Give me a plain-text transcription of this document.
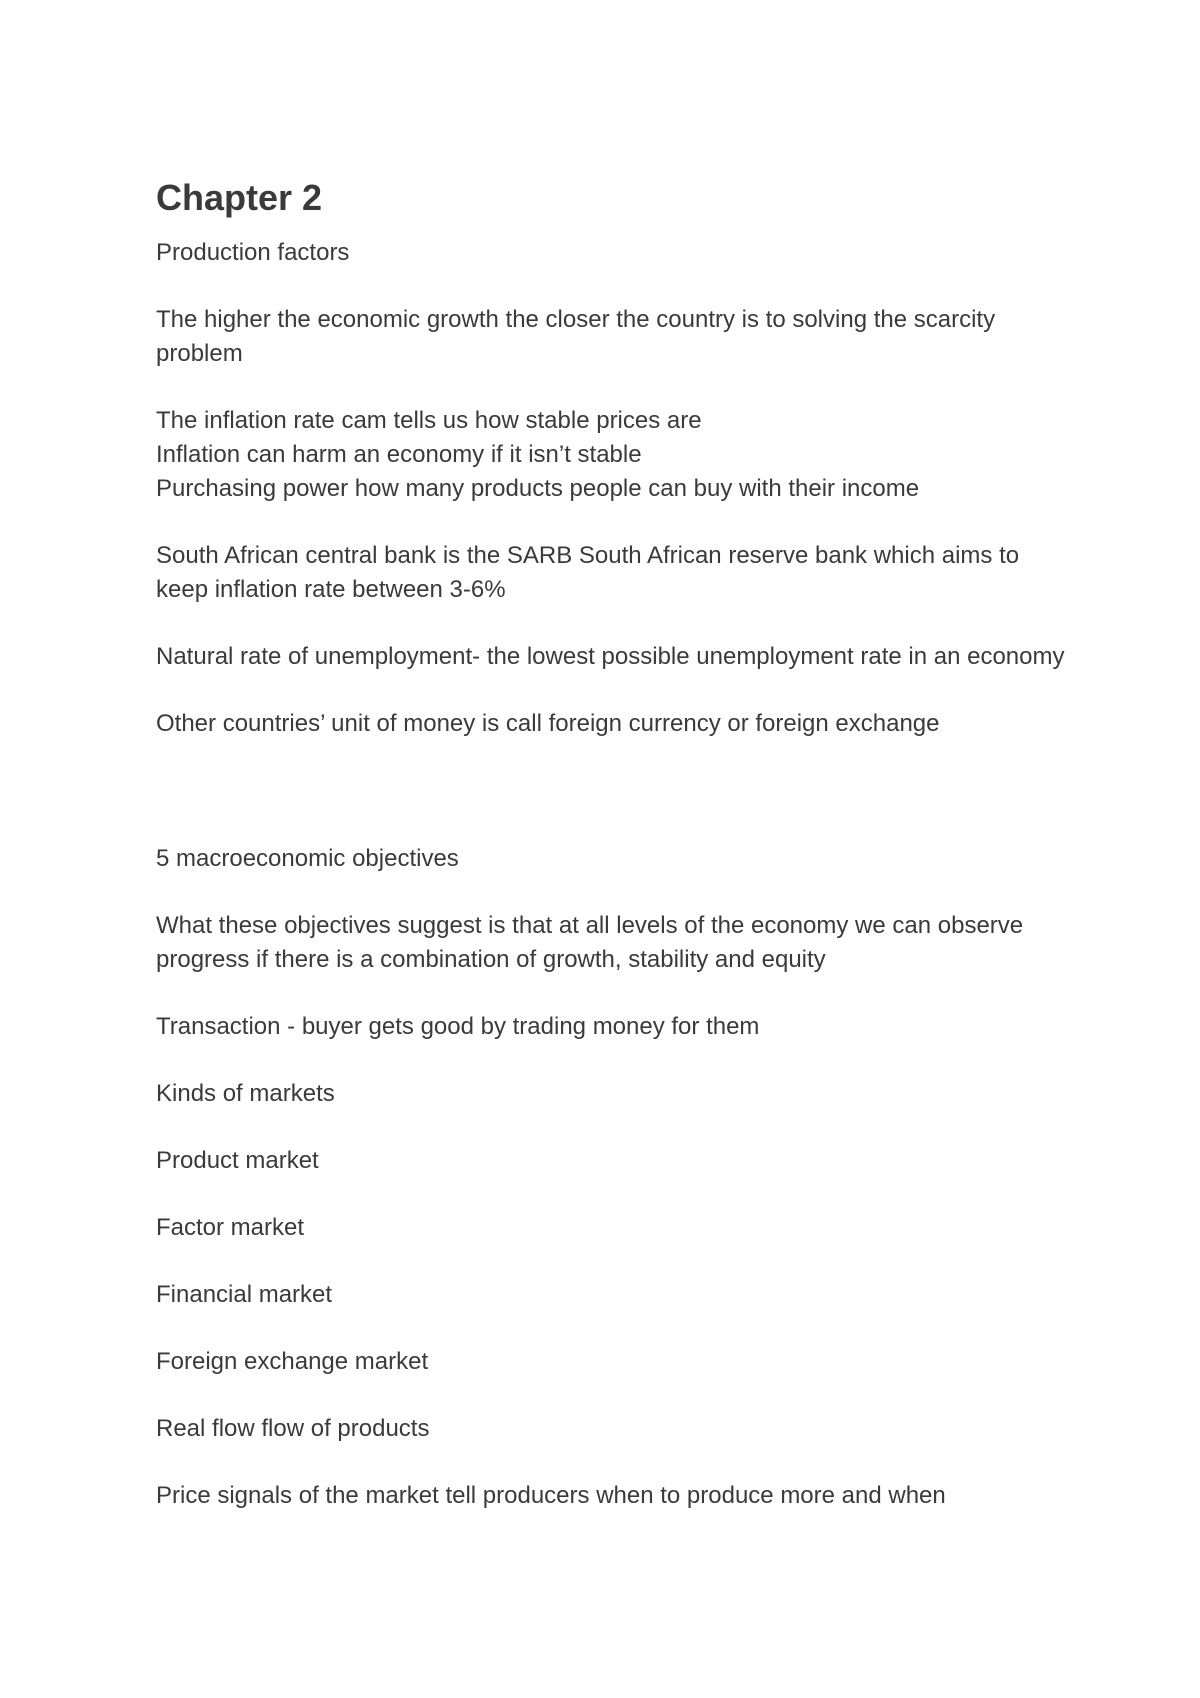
Chapter 2

Production factors

The higher the economic growth the closer the country is to solving the scarcity problem

The inflation rate cam tells us how stable prices are

Inflation can harm an economy if it isn’t stable

Purchasing power how many products people can buy with their income

South African central bank is the SARB South African reserve bank which aims to keep inflation rate between 3-6%

Natural rate of unemployment- the lowest possible unemployment rate in an economy

Other countries’ unit of money is call foreign currency or foreign exchange

5 macroeconomic objectives

What these objectives suggest is that at all levels of the economy we can observe progress if there is a combination of growth, stability and equity

Transaction - buyer gets good by trading money for them

Kinds of markets

Product market

Factor market

Financial market

Foreign exchange market

Real flow flow of products

Price signals of the market tell producers when to produce more and when
